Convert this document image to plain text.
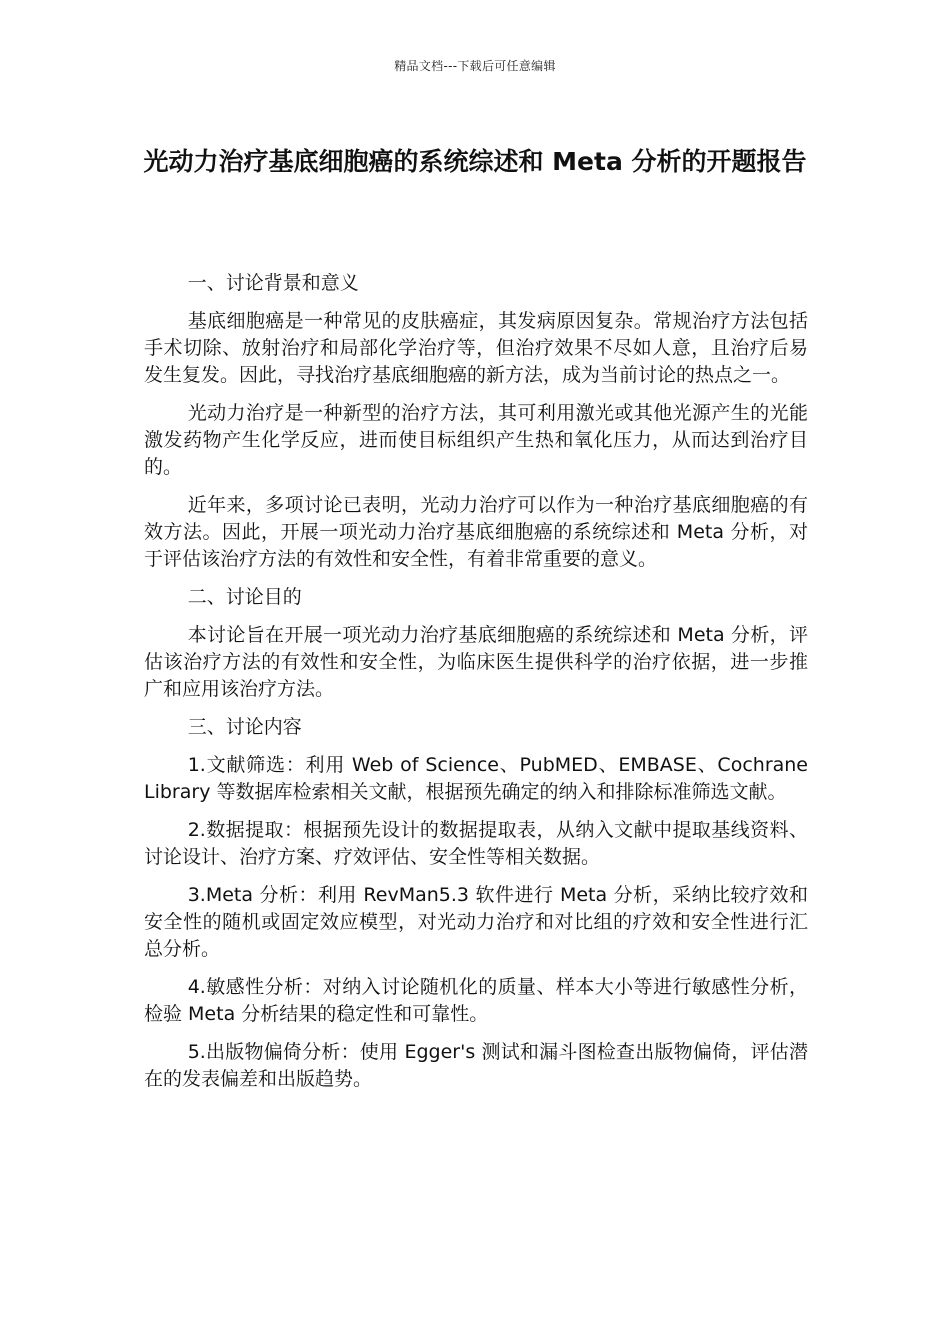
精品文档---下载后可任意编辑
光动力治疗基底细胞癌的系统综述和 Meta 分析的开题报告

一、讨论背景和意义

基底细胞癌是一种常见的皮肤癌症，其发病原因复杂。常规治疗方法包括手术切除、放射治疗和局部化学治疗等，但治疗效果不尽如人意，且治疗后易发生复发。因此，寻找治疗基底细胞癌的新方法，成为当前讨论的热点之一。

光动力治疗是一种新型的治疗方法，其可利用激光或其他光源产生的光能激发药物产生化学反应，进而使目标组织产生热和氧化压力，从而达到治疗目的。

近年来，多项讨论已表明，光动力治疗可以作为一种治疗基底细胞癌的有效方法。因此，开展一项光动力治疗基底细胞癌的系统综述和 Meta 分析，对于评估该治疗方法的有效性和安全性，有着非常重要的意义。

二、讨论目的

本讨论旨在开展一项光动力治疗基底细胞癌的系统综述和 Meta 分析，评估该治疗方法的有效性和安全性，为临床医生提供科学的治疗依据，进一步推广和应用该治疗方法。

三、讨论内容

1.文献筛选：利用 Web of Science、PubMED、EMBASE、Cochrane Library 等数据库检索相关文献，根据预先确定的纳入和排除标准筛选文献。

2.数据提取：根据预先设计的数据提取表，从纳入文献中提取基线资料、讨论设计、治疗方案、疗效评估、安全性等相关数据。

3.Meta 分析：利用 RevMan5.3 软件进行 Meta 分析，采纳比较疗效和安全性的随机或固定效应模型，对光动力治疗和对比组的疗效和安全性进行汇总分析。

4.敏感性分析：对纳入讨论随机化的质量、样本大小等进行敏感性分析，检验 Meta 分析结果的稳定性和可靠性。

5.出版物偏倚分析：使用 Egger's 测试和漏斗图检查出版物偏倚，评估潜在的发表偏差和出版趋势。
